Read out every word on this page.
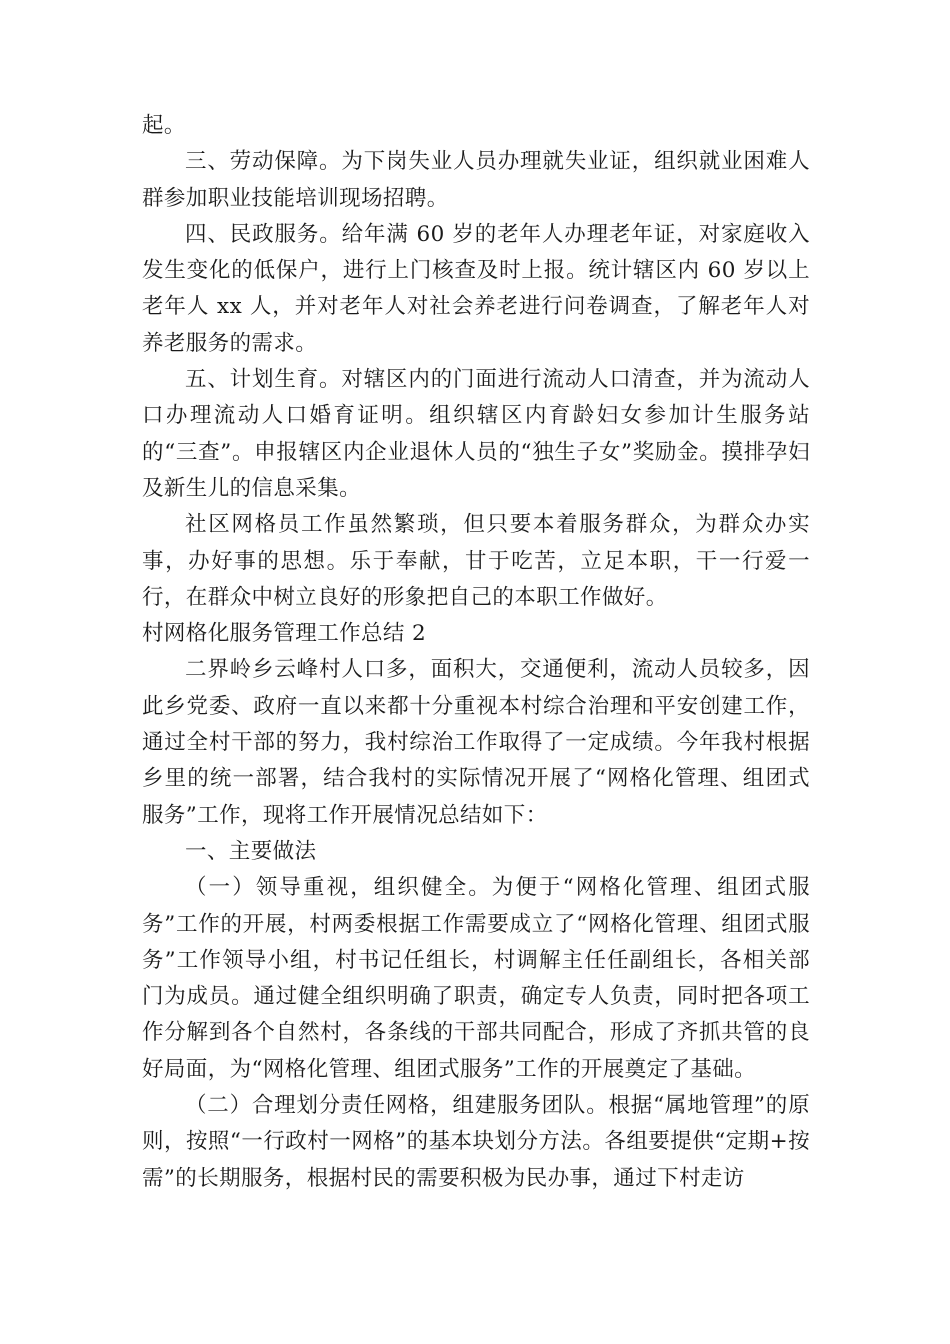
起。

三、劳动保障。为下岗失业人员办理就失业证，组织就业困难人群参加职业技能培训现场招聘。

四、民政服务。给年满 60 岁的老年人办理老年证，对家庭收入发生变化的低保户，进行上门核查及时上报。统计辖区内 60 岁以上老年人 xx 人，并对老年人对社会养老进行问卷调查，了解老年人对养老服务的需求。

五、计划生育。对辖区内的门面进行流动人口清查，并为流动人口办理流动人口婚育证明。组织辖区内育龄妇女参加计生服务站的“三查”。申报辖区内企业退休人员的“独生子女”奖励金。摸排孕妇及新生儿的信息采集。

社区网格员工作虽然繁琐，但只要本着服务群众，为群众办实事，办好事的思想。乐于奉献，甘于吃苦，立足本职，干一行爱一行，在群众中树立良好的形象把自己的本职工作做好。

村网格化服务管理工作总结 2

二界岭乡云峰村人口多，面积大，交通便利，流动人员较多，因此乡党委、政府一直以来都十分重视本村综合治理和平安创建工作，通过全村干部的努力，我村综治工作取得了一定成绩。今年我村根据乡里的统一部署，结合我村的实际情况开展了“网格化管理、组团式服务”工作，现将工作开展情况总结如下：

一、主要做法

（一）领导重视，组织健全。为便于“网格化管理、组团式服务”工作的开展，村两委根据工作需要成立了“网格化管理、组团式服务”工作领导小组，村书记任组长，村调解主任任副组长，各相关部门为成员。通过健全组织明确了职责，确定专人负责，同时把各项工作分解到各个自然村，各条线的干部共同配合，形成了齐抓共管的良好局面，为“网格化管理、组团式服务”工作的开展奠定了基础。

（二）合理划分责任网格，组建服务团队。根据“属地管理”的原则，按照“一行政村一网格”的基本块划分方法。各组要提供“定期+按需”的长期服务，根据村民的需要积极为民办事，通过下村走访
